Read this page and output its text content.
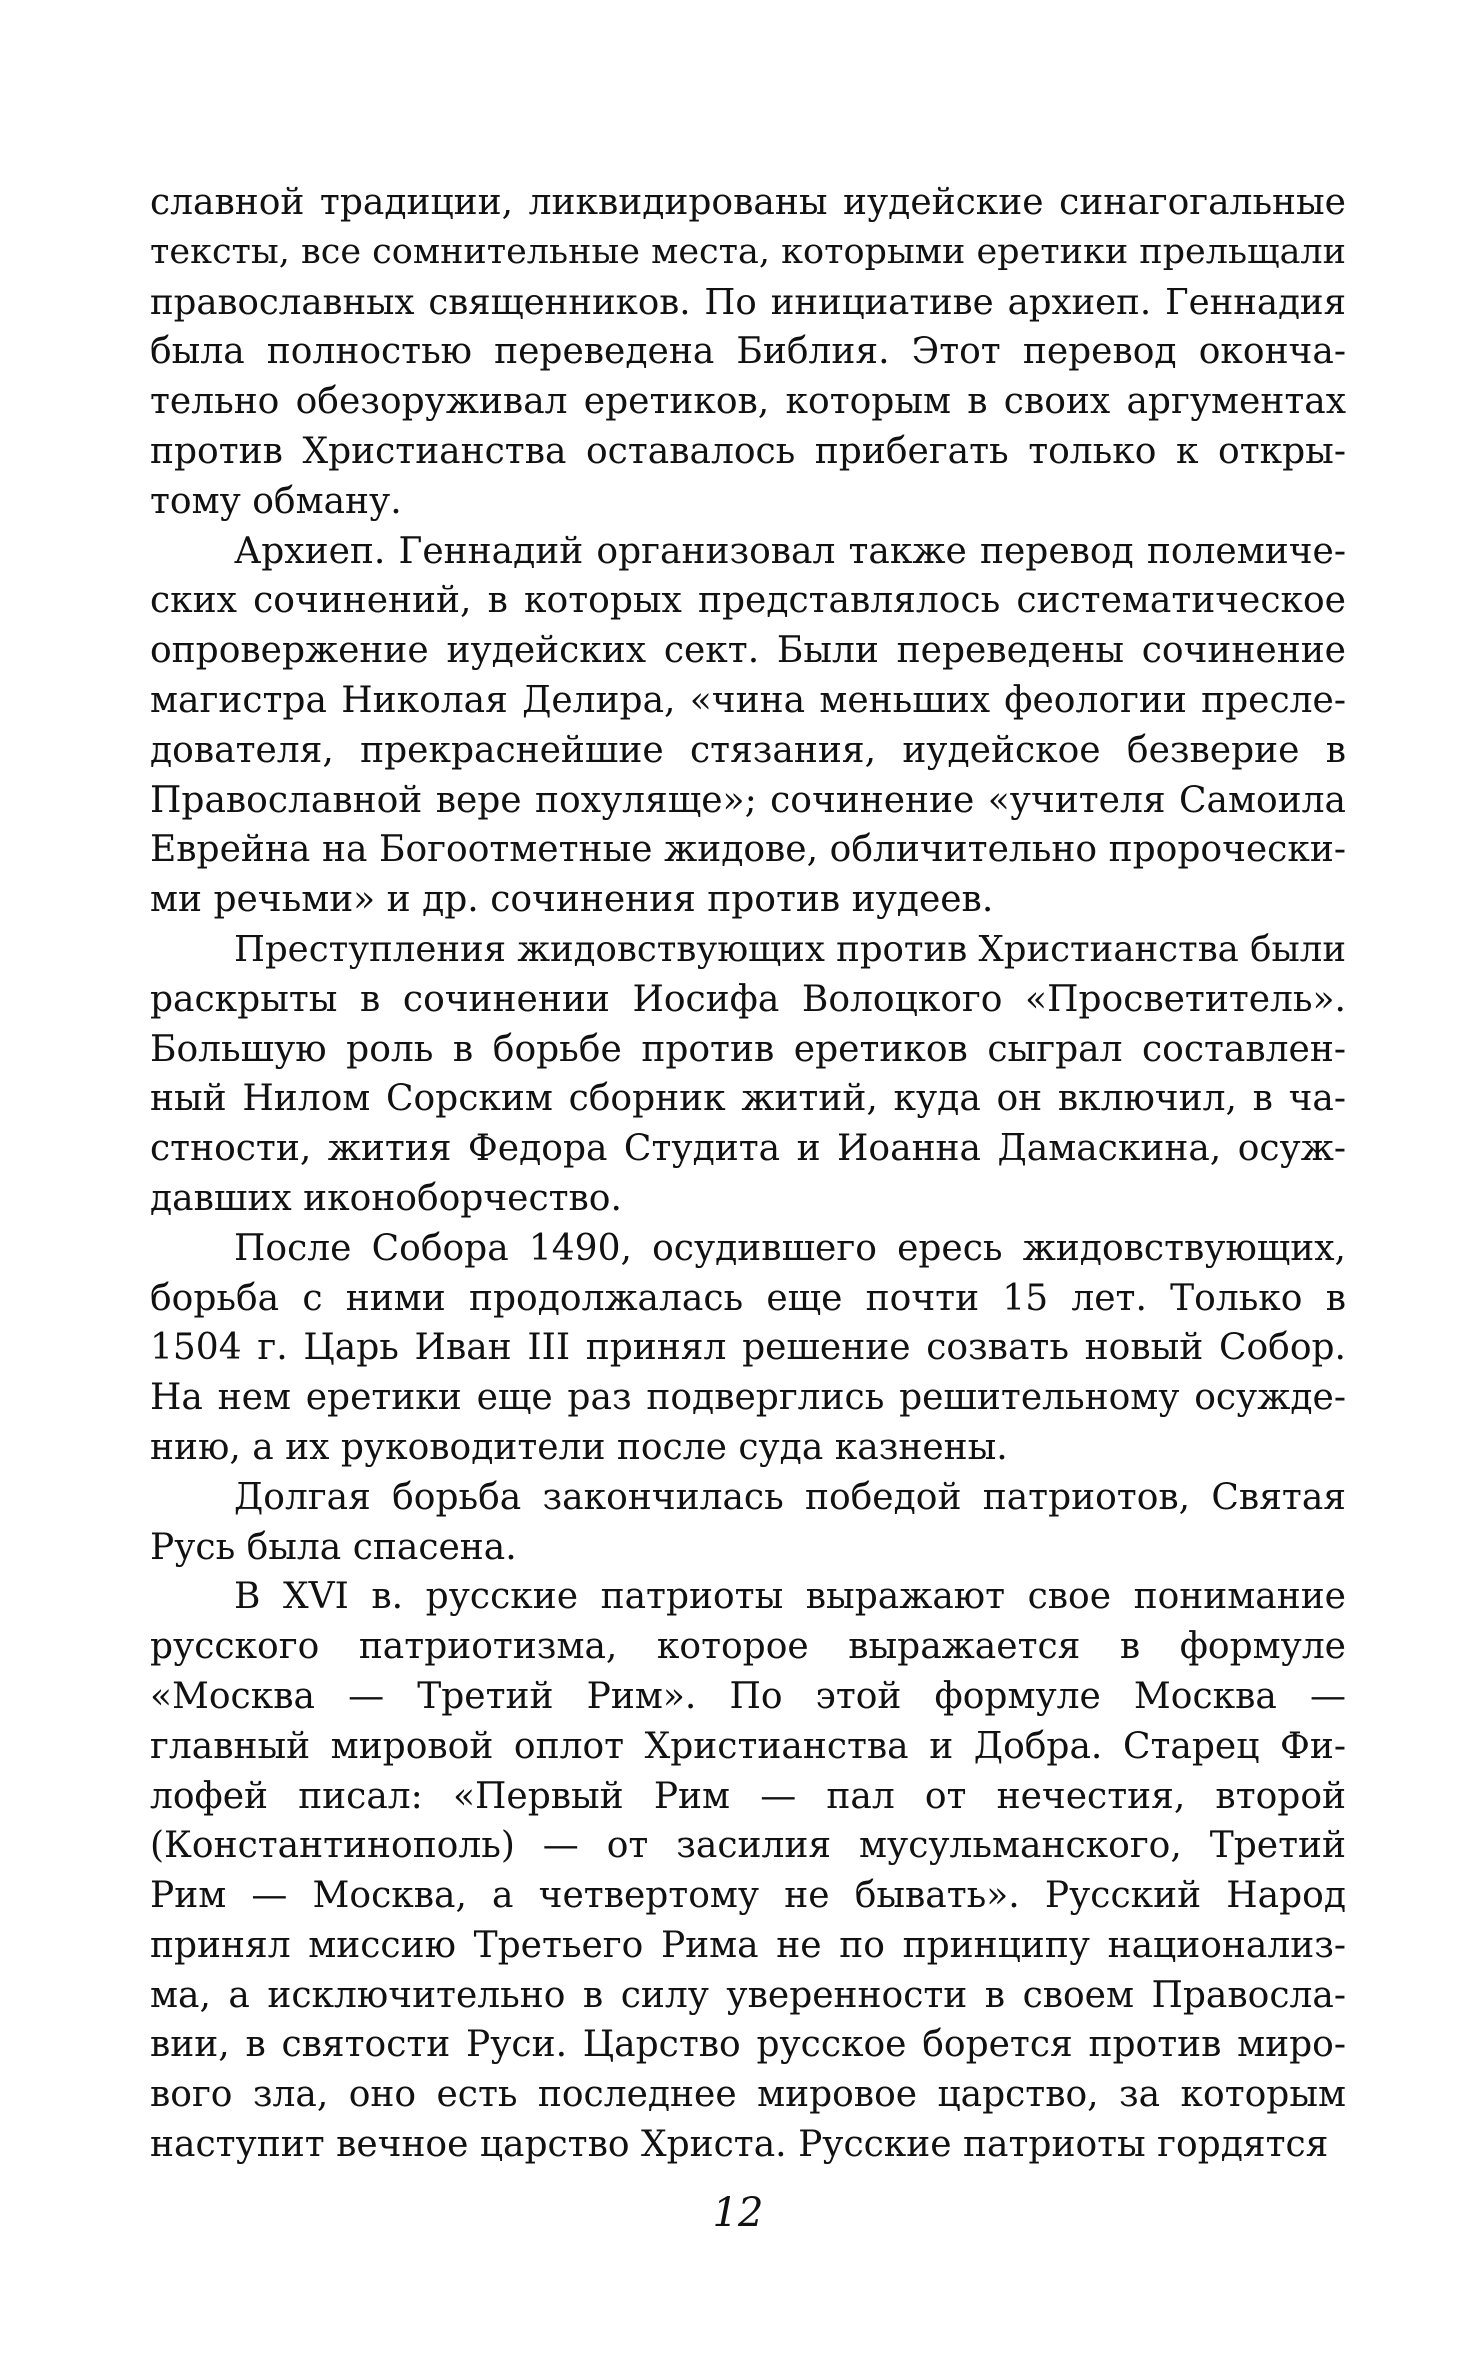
славной традиции, ликвидированы иудейские синагогальные
тексты, все сомнительные места, которыми еретики прельщали
православных священников. По инициативе архиеп. Геннадия
была полностью переведена Библия. Этот перевод оконча-
тельно обезоруживал еретиков, которым в своих аргументах
против Христианства оставалось прибегать только к откры-
тому обману.
Архиеп. Геннадий организовал также перевод полемиче-
ских сочинений, в которых представлялось систематическое
опровержение иудейских сект. Были переведены сочинение
магистра Николая Делира, «чина меньших феологии пресле-
дователя, прекраснейшие стязания, иудейское безверие в
Православной вере похуляще»; сочинение «учителя Самоила
Еврейна на Богоотметные жидове, обличительно пророчески-
ми речьми» и др. сочинения против иудеев.
Преступления жидовствующих против Христианства были
раскрыты в сочинении Иосифа Волоцкого «Просветитель».
Большую роль в борьбе против еретиков сыграл составлен-
ный Нилом Сорским сборник житий, куда он включил, в ча-
стности, жития Федора Студита и Иоанна Дамаскина, осуж-
давших иконоборчество.
После Собора 1490, осудившего ересь жидовствующих,
борьба с ними продолжалась еще почти 15 лет. Только в
1504 г. Царь Иван III принял решение созвать новый Собор.
На нем еретики еще раз подверглись решительному осужде-
нию, а их руководители после суда казнены.
Долгая борьба закончилась победой патриотов, Святая
Русь была спасена.
В XVI в. русские патриоты выражают свое понимание
русского патриотизма, которое выражается в формуле
«Москва — Третий Рим». По этой формуле Москва —
главный мировой оплот Христианства и Добра. Старец Фи-
лофей писал: «Первый Рим — пал от нечестия, второй
(Константинополь) — от засилия мусульманского, Третий
Рим — Москва, а четвертому не бывать». Русский Народ
принял миссию Третьего Рима не по принципу национализ-
ма, а исключительно в силу уверенности в своем Правосла-
вии, в святости Руси. Царство русское борется против миро-
вого зла, оно есть последнее мировое царство, за которым
наступит вечное царство Христа. Русские патриоты гордятся
12
